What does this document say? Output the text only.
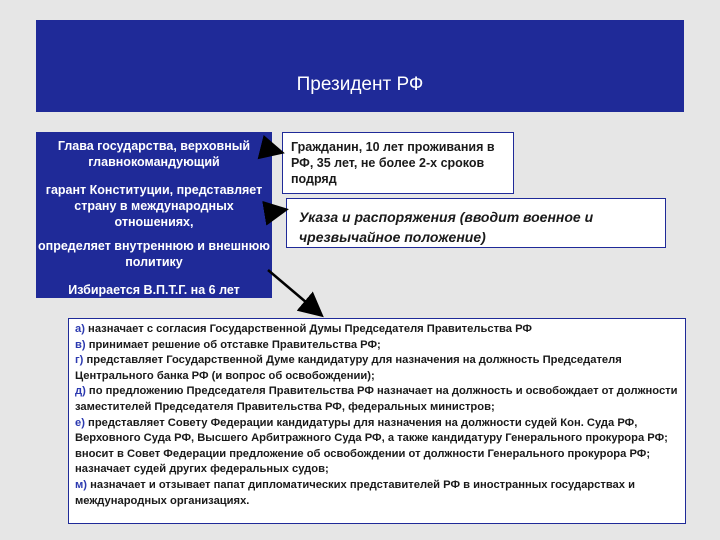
Президент РФ
Глава государства, верховный главнокомандующий
гарант Конституции, представляет страну в международных отношениях,
определяет внутреннюю и внешнюю политику
Избирается В.П.Т.Г. на 6 лет
Гражданин, 10 лет проживания в РФ, 35 лет, не более 2-х сроков подряд
Указа и распоряжения (вводит военное и чрезвычайное положение)

а) назначает с согласия Государственной Думы Председателя Правительства РФ

в) принимает решение об отставке Правительства РФ;

г) представляет Государственной Думе кандидатуру для назначения на должность Председателя Центрального банка РФ (и вопрос об освобождении);

д) по предложению Председателя Правительства РФ назначает на должность и освобождает от должности заместителей Председателя Правительства РФ, федеральных министров;

е) представляет Совету Федерации кандидатуры для назначения на должности судей Кон. Суда РФ, Верховного Суда РФ, Высшего Арбитражного Суда РФ, а также кандидатуру Генерального прокурора РФ; вносит в Совет Федерации предложение об освобождении от должности Генерального прокурора РФ; назначает судей других федеральных судов;

м) назначает и отзывает папат дипломатических представителей РФ в иностранных государствах и международных организациях.
